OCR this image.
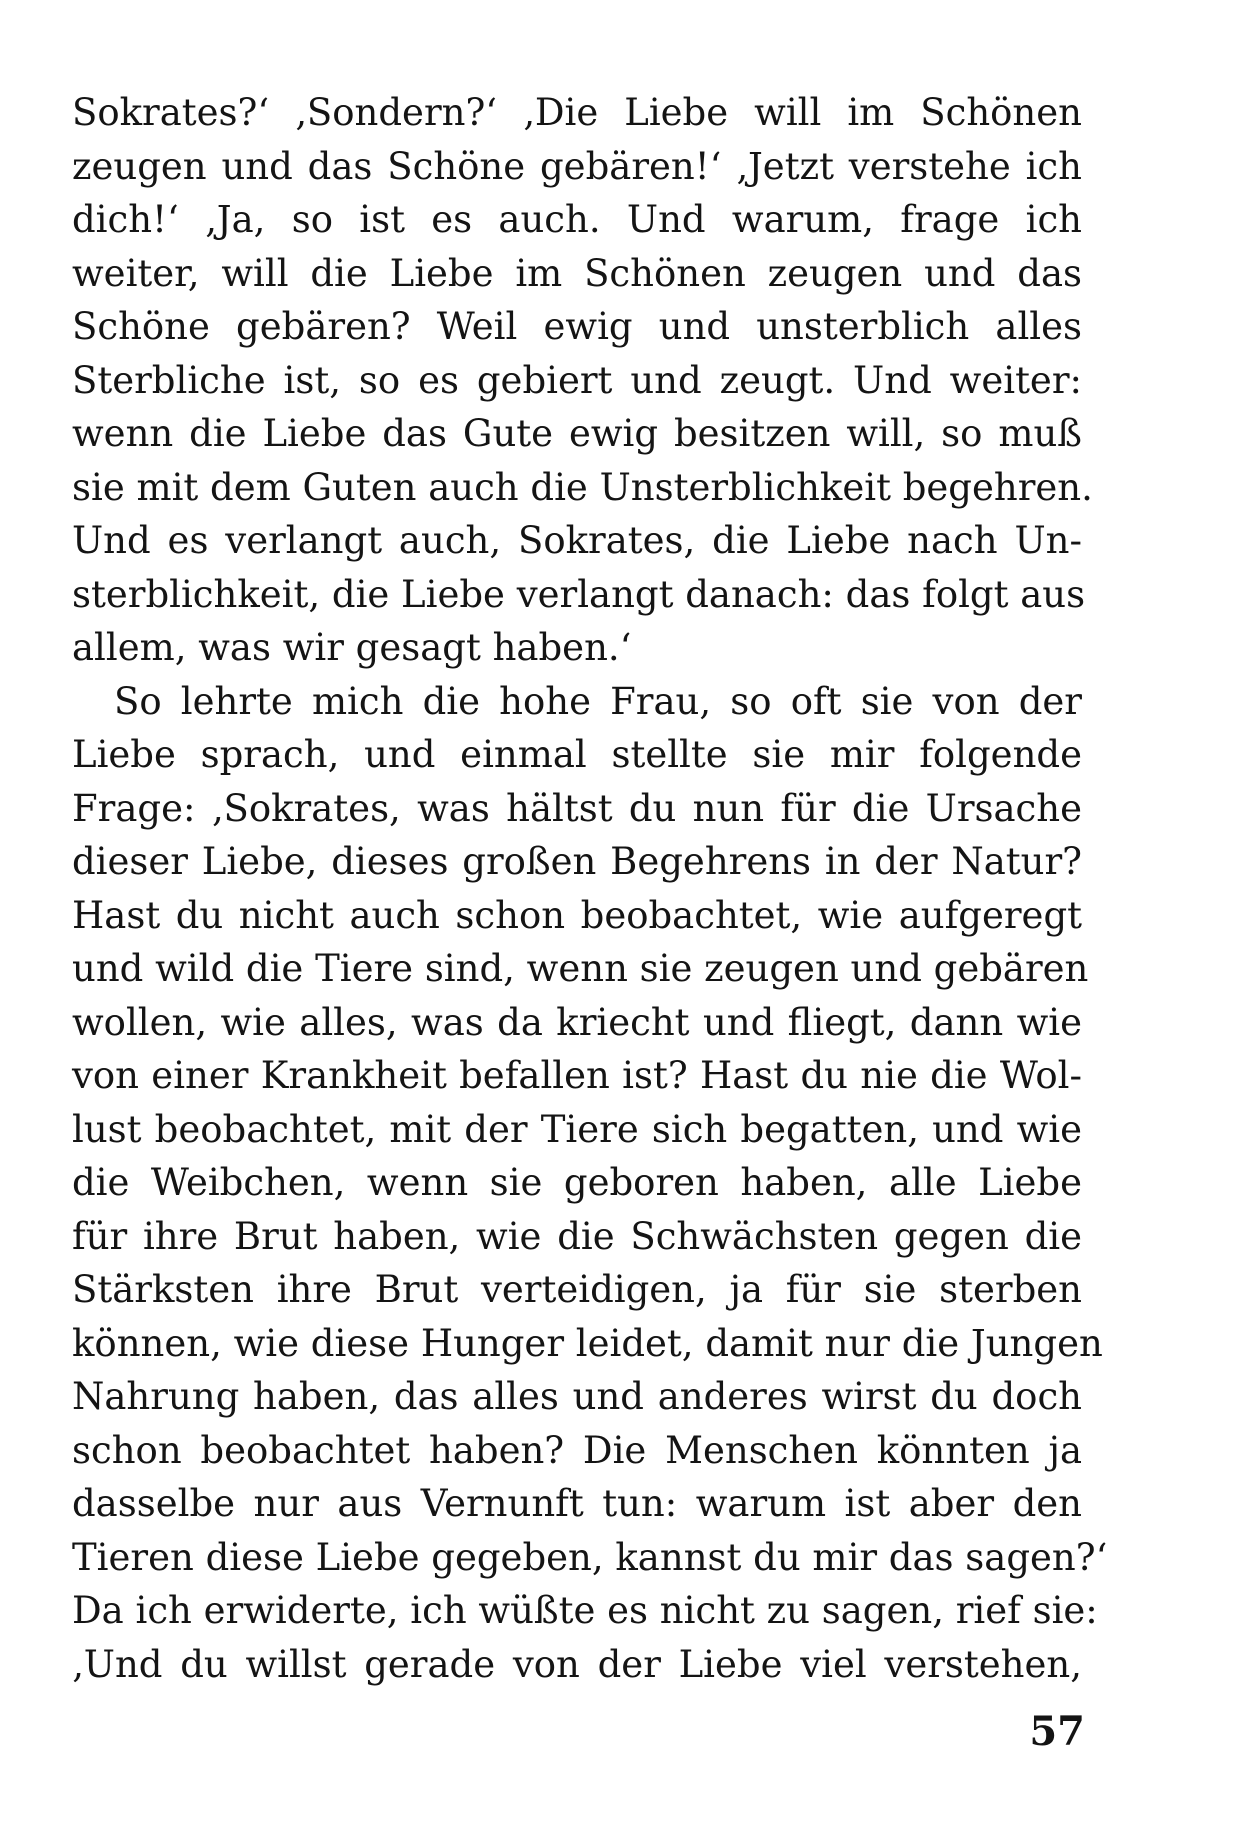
Sokrates?‘ ‚Sondern?‘ ‚Die Liebe will im Schönen
zeugen und das Schöne gebären!‘ ‚Jetzt verstehe ich
dich!‘ ‚Ja, so ist es auch. Und warum, frage ich
weiter, will die Liebe im Schönen zeugen und das
Schöne gebären? Weil ewig und unsterblich alles
Sterbliche ist, so es gebiert und zeugt. Und weiter:
wenn die Liebe das Gute ewig besitzen will, so muß
sie mit dem Guten auch die Unsterblichkeit begehren.
Und es verlangt auch, Sokrates, die Liebe nach Un-
sterblichkeit, die Liebe verlangt danach: das folgt aus
allem, was wir gesagt haben.‘
So lehrte mich die hohe Frau, so oft sie von der
Liebe sprach, und einmal stellte sie mir folgende
Frage: ‚Sokrates, was hältst du nun für die Ursache
dieser Liebe, dieses großen Begehrens in der Natur?
Hast du nicht auch schon beobachtet, wie aufgeregt
und wild die Tiere sind, wenn sie zeugen und gebären
wollen, wie alles, was da kriecht und fliegt, dann wie
von einer Krankheit befallen ist? Hast du nie die Wol-
lust beobachtet, mit der Tiere sich begatten, und wie
die Weibchen, wenn sie geboren haben, alle Liebe
für ihre Brut haben, wie die Schwächsten gegen die
Stärksten ihre Brut verteidigen, ja für sie sterben
können, wie diese Hunger leidet, damit nur die Jungen
Nahrung haben, das alles und anderes wirst du doch
schon beobachtet haben? Die Menschen könnten ja
dasselbe nur aus Vernunft tun: warum ist aber den
Tieren diese Liebe gegeben, kannst du mir das sagen?‘
Da ich erwiderte, ich wüßte es nicht zu sagen, rief sie:
‚Und du willst gerade von der Liebe viel verstehen,
57
